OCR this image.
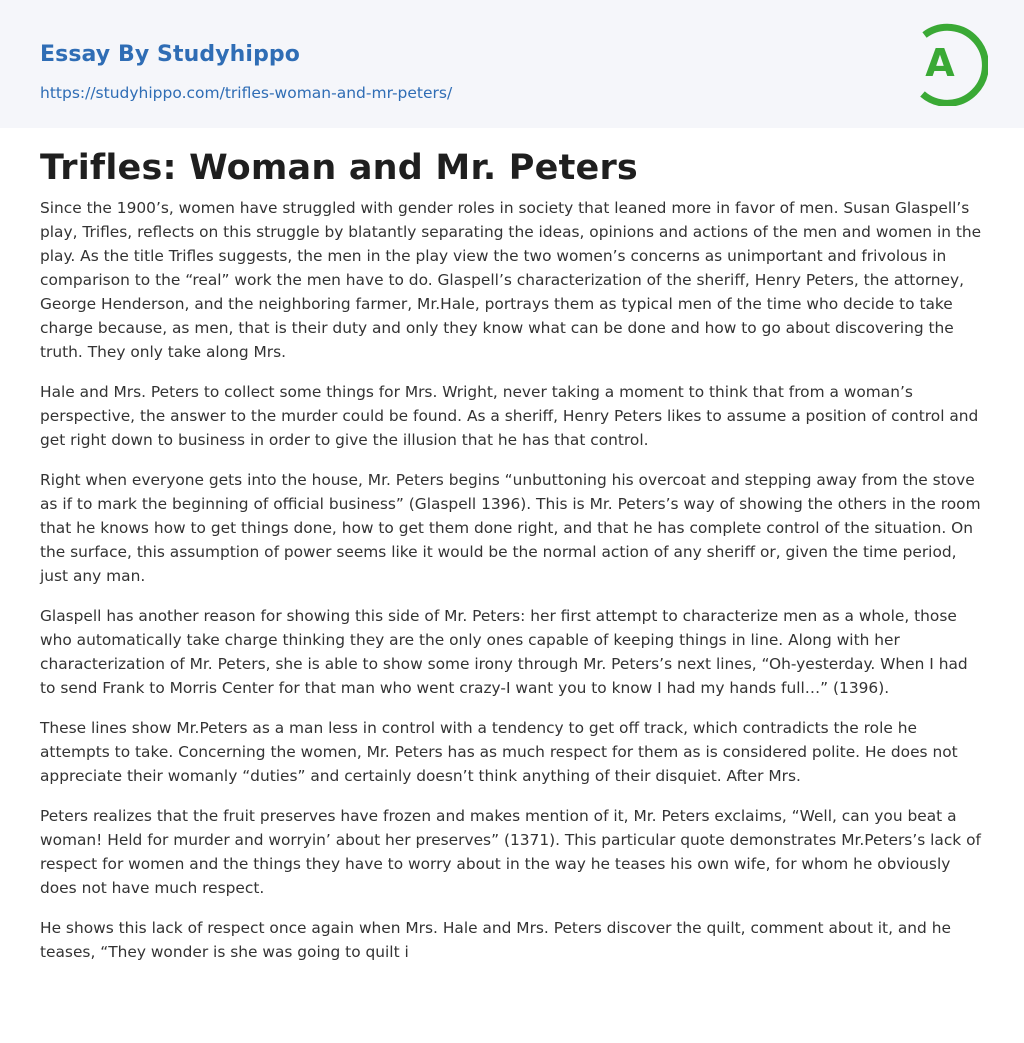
Essay By Studyhippo
https://studyhippo.com/trifles-woman-and-mr-peters/
A
Trifles: Woman and Mr. Peters

Since the 1900’s, women have struggled with gender roles in society that leaned more in favor of men. Susan Glaspell’s play, Trifles, reflects on this struggle by blatantly separating the ideas, opinions and actions of the men and women in the play. As the title Trifles suggests, the men in the play view the two women’s concerns as unimportant and frivolous in comparison to the “real” work the men have to do. Glaspell’s characterization of the sheriff, Henry Peters, the attorney, George Henderson, and the neighboring farmer, Mr.Hale, portrays them as typical men of the time who decide to take charge because, as men, that is their duty and only they know what can be done and how to go about discovering the truth. They only take along Mrs.

Hale and Mrs. Peters to collect some things for Mrs. Wright, never taking a moment to think that from a woman’s perspective, the answer to the murder could be found. As a sheriff, Henry Peters likes to assume a position of control and get right down to business in order to give the illusion that he has that control.

Right when everyone gets into the house, Mr. Peters begins “unbuttoning his overcoat and stepping away from the stove as if to mark the beginning of official business” (Glaspell 1396). This is Mr. Peters’s way of showing the others in the room that he knows how to get things done, how to get them done right, and that he has complete control of the situation. On the surface, this assumption of power seems like it would be the normal action of any sheriff or, given the time period, just any man.

Glaspell has another reason for showing this side of Mr. Peters: her first attempt to characterize men as a whole, those who automatically take charge thinking they are the only ones capable of keeping things in line. Along with her characterization of Mr. Peters, she is able to show some irony through Mr. Peters’s next lines, “Oh-yesterday. When I had to send Frank to Morris Center for that man who went crazy-I want you to know I had my hands full…” (1396).

These lines show Mr.Peters as a man less in control with a tendency to get off track, which contradicts the role he attempts to take. Concerning the women, Mr. Peters has as much respect for them as is considered polite. He does not appreciate their womanly “duties” and certainly doesn’t think anything of their disquiet. After Mrs.

Peters realizes that the fruit preserves have frozen and makes mention of it, Mr. Peters exclaims, “Well, can you beat a woman! Held for murder and worryin’ about her preserves” (1371). This particular quote demonstrates Mr.Peters’s lack of respect for women and the things they have to worry about in the way he teases his own wife, for whom he obviously does not have much respect.

He shows this lack of respect once again when Mrs. Hale and Mrs. Peters discover the quilt, comment about it, and he teases, “They wonder is she was going to quilt i
